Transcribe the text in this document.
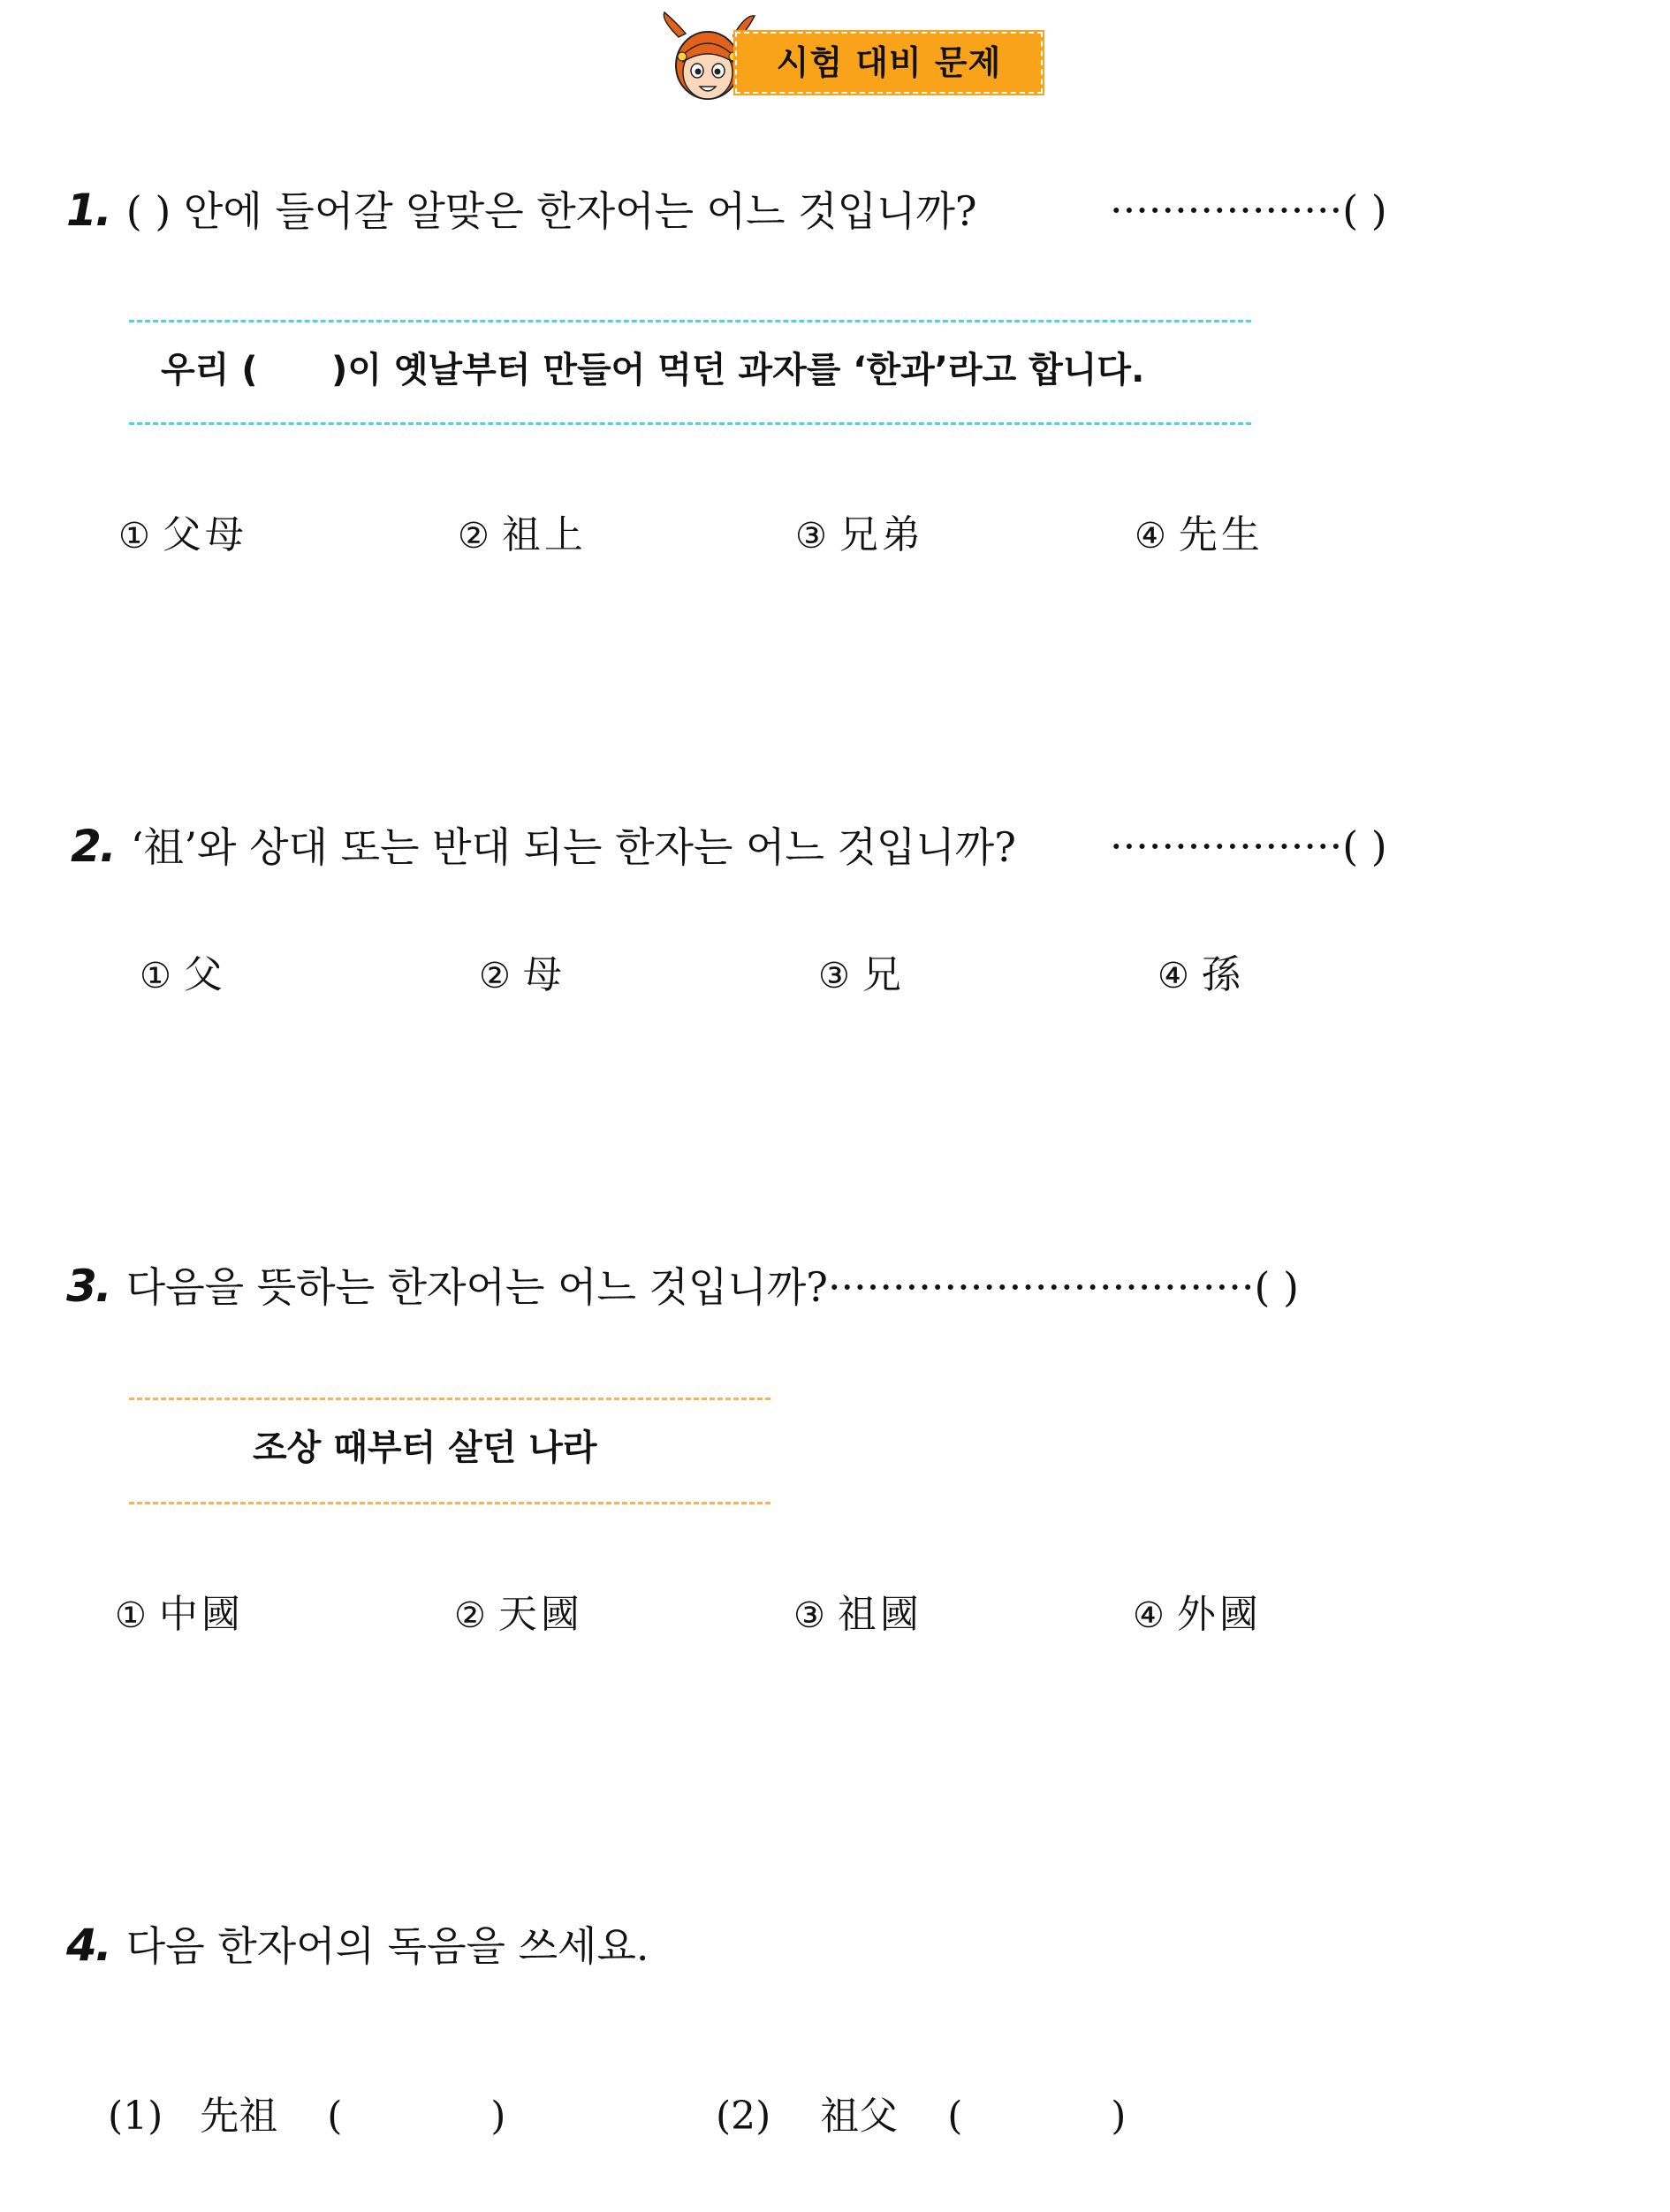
시험 대비 문제
1. ( ) 안에 들어갈 알맞은 한자어는 어느 것입니까?	··················( )
우리 (      )이 옛날부터 만들어 먹던 과자를 ‘한과’라고 합니다.
① 父母	② 祖上	③ 兄弟	④ 先生
2. ‘祖’와 상대 또는 반대 되는 한자는 어느 것입니까? ··················( )
① 父	② 母	③ 兄	④ 孫
3. 다음을 뜻하는 한자어는 어느 것입니까?·································( )
조상 때부터 살던 나라
① 中國	② 天國	③ 祖國	④ 外國
4. 다음 한자어의 독음을 쓰세요.
(1) 先祖 (            )	(2) 祖父 (            )
